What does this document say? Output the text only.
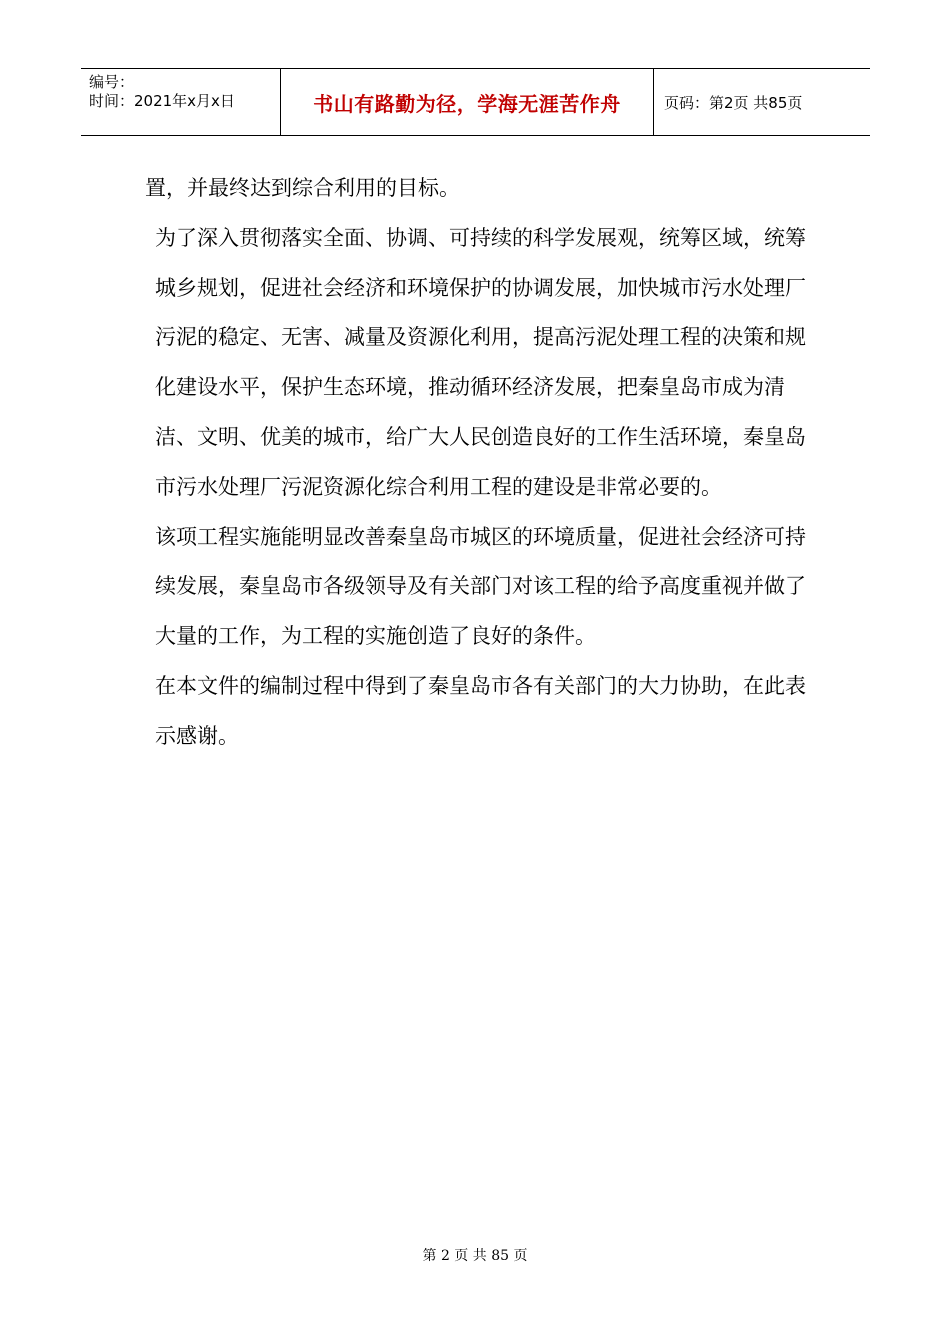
编号：
时间：2021年x月x日	书山有路勤为径，学海无涯苦作舟	页码：第2页 共85页

置，并最终达到综合利用的目标。

为了深入贯彻落实全面、协调、可持续的科学发展观，统筹区域，统筹城乡规划，促进社会经济和环境保护的协调发展，加快城市污水处理厂污泥的稳定、无害、减量及资源化利用，提高污泥处理工程的决策和规化建设水平，保护生态环境，推动循环经济发展，把秦皇岛市成为清洁、文明、优美的城市，给广大人民创造良好的工作生活环境，秦皇岛市污水处理厂污泥资源化综合利用工程的建设是非常必要的。

该项工程实施能明显改善秦皇岛市城区的环境质量，促进社会经济可持续发展，秦皇岛市各级领导及有关部门对该工程的给予高度重视并做了大量的工作，为工程的实施创造了良好的条件。

在本文件的编制过程中得到了秦皇岛市各有关部门的大力协助，在此表示感谢。

第 2 页 共 85 页
